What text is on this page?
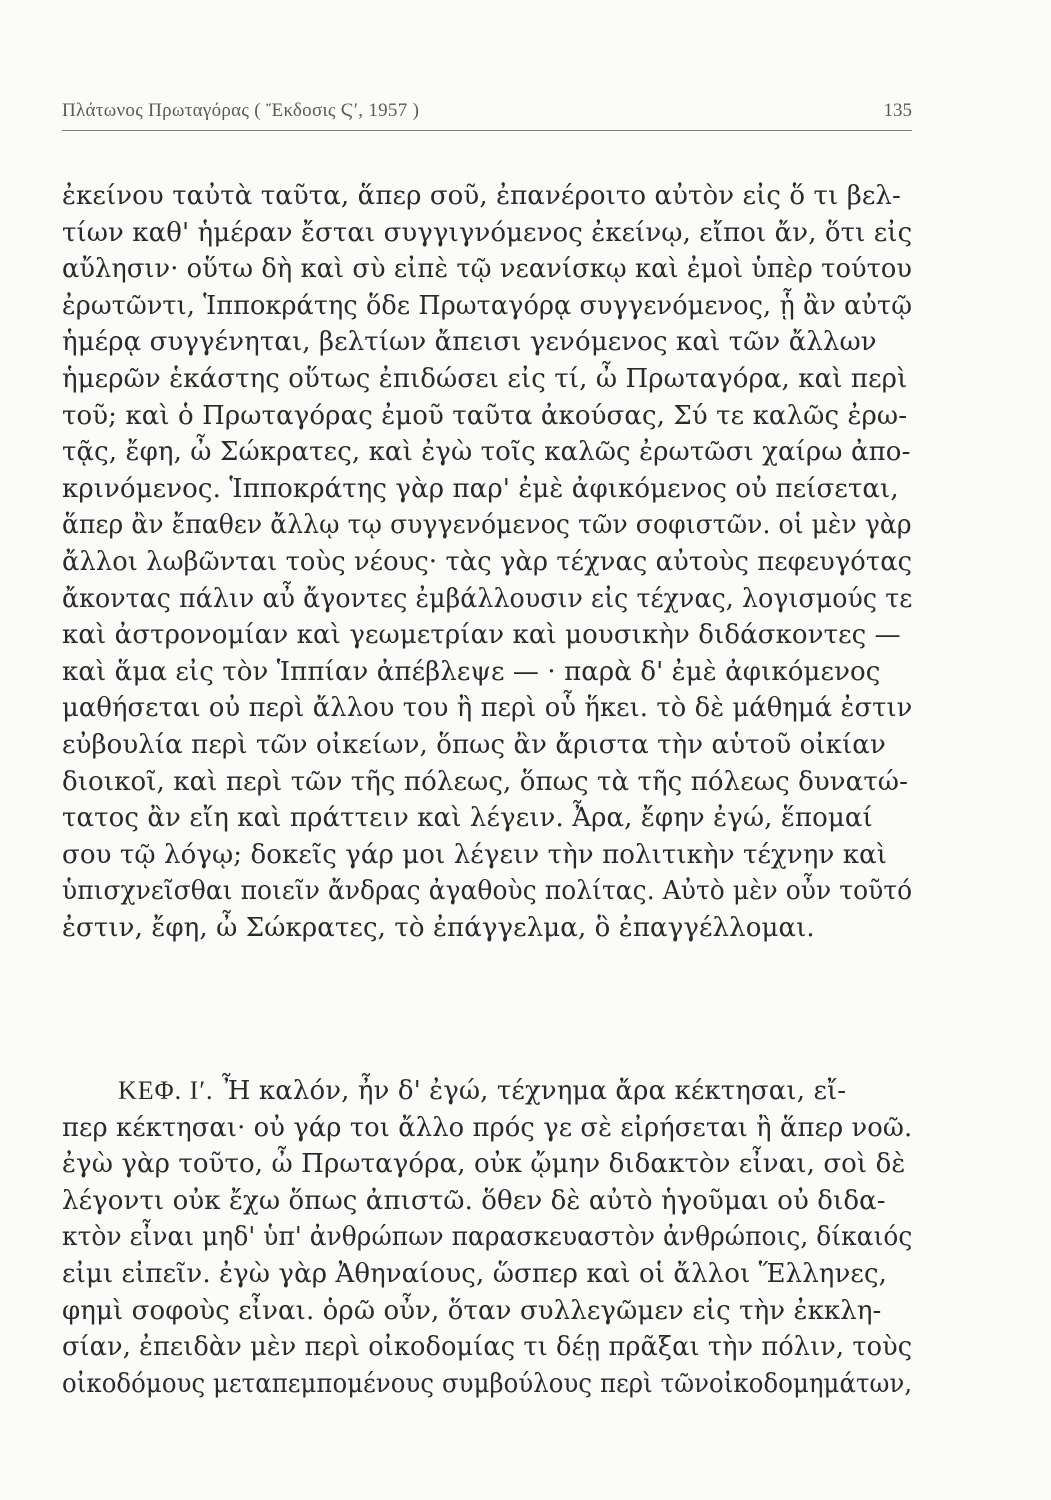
Πλάτωνος Πρωταγόρας ( Ἔκδοσις Ϛʹ, 1957 )	135
ἐκείνου ταὐτὰ ταῦτα, ἅπερ σοῦ, ἐπανέροιτο αὐτὸν εἰς ὅ τι βελ-
τίων καθ' ἡμέραν ἔσται συγγιγνόμενος ἐκείνῳ, εἴποι ἄν, ὅτι εἰς
αὔλησιν· οὕτω δὴ καὶ σὺ εἰπὲ τῷ νεανίσκῳ καὶ ἐμοὶ ὑπὲρ τούτου
ἐρωτῶντι, Ἱπποκράτης ὅδε Πρωταγόρᾳ συγγενόμενος, ᾗ ἂν αὐτῷ
ἡμέρᾳ συγγένηται, βελτίων ἄπεισι γενόμενος καὶ τῶν ἄλλων
ἡμερῶν ἑκάστης οὕτως ἐπιδώσει εἰς τί, ὦ Πρωταγόρα, καὶ περὶ
τοῦ; καὶ ὁ Πρωταγόρας ἐμοῦ ταῦτα ἀκούσας, Σύ τε καλῶς ἐρω-
τᾷς, ἔφη, ὦ Σώκρατες, καὶ ἐγὼ τοῖς καλῶς ἐρωτῶσι χαίρω ἀπο-
κρινόμενος. Ἱπποκράτης γὰρ παρ' ἐμὲ ἀφικόμενος οὐ πείσεται,
ἅπερ ἂν ἔπαθεν ἄλλῳ τῳ συγγενόμενος τῶν σοφιστῶν. οἱ μὲν γὰρ
ἄλλοι λωβῶνται τοὺς νέους· τὰς γὰρ τέχνας αὐτοὺς πεφευγότας
ἄκοντας πάλιν αὖ ἄγοντες ἐμβάλλουσιν εἰς τέχνας, λογισμούς τε
καὶ ἀστρονομίαν καὶ γεωμετρίαν καὶ μουσικὴν διδάσκοντες —
καὶ ἅμα εἰς τὸν Ἱππίαν ἀπέβλεψε — · παρὰ δ' ἐμὲ ἀφικόμενος
μαθήσεται οὐ περὶ ἄλλου του ἢ περὶ οὗ ἥκει. τὸ δὲ μάθημά ἐστιν
εὐβουλία περὶ τῶν οἰκείων, ὅπως ἂν ἄριστα τὴν αὑτοῦ οἰκίαν
διοικοῖ, καὶ περὶ τῶν τῆς πόλεως, ὅπως τὰ τῆς πόλεως δυνατώ-
τατος ἂν εἴη καὶ πράττειν καὶ λέγειν. Ἆρα, ἔφην ἐγώ, ἕπομαί
σου τῷ λόγῳ; δοκεῖς γάρ μοι λέγειν τὴν πολιτικὴν τέχνην καὶ
ὑπισχνεῖσθαι ποιεῖν ἄνδρας ἀγαθοὺς πολίτας. Αὐτὸ μὲν οὖν τοῦτό
ἐστιν, ἔφη, ὦ Σώκρατες, τὸ ἐπάγγελμα, ὃ ἐπαγγέλλομαι.
ΚΕΦ. Ι′. Ἦ καλόν, ἦν δ' ἐγώ, τέχνημα ἄρα κέκτησαι, εἴ-
περ κέκτησαι· οὐ γάρ τοι ἄλλο πρός γε σὲ εἰρήσεται ἢ ἅπερ νοῶ.
ἐγὼ γὰρ τοῦτο, ὦ Πρωταγόρα, οὐκ ᾤμην διδακτὸν εἶναι, σοὶ δὲ
λέγοντι οὐκ ἔχω ὅπως ἀπιστῶ. ὅθεν δὲ αὐτὸ ἡγοῦμαι οὐ διδα-
κτὸν εἶναι μηδ' ὑπ' ἀνθρώπων παρασκευαστὸν ἀνθρώποις, δίκαιός
εἰμι εἰπεῖν. ἐγὼ γὰρ Ἀθηναίους, ὥσπερ καὶ οἱ ἄλλοι Ἕλληνες,
φημὶ σοφοὺς εἶναι. ὁρῶ οὖν, ὅταν συλλεγῶμεν εἰς τὴν ἐκκλη-
σίαν, ἐπειδὰν μὲν περὶ οἰκοδομίας τι δέῃ πρᾶξαι τὴν πόλιν, τοὺς
οἰκοδόμους μεταπεμπομένους συμβούλους περὶ τῶνοἰκοδομημάτων,
